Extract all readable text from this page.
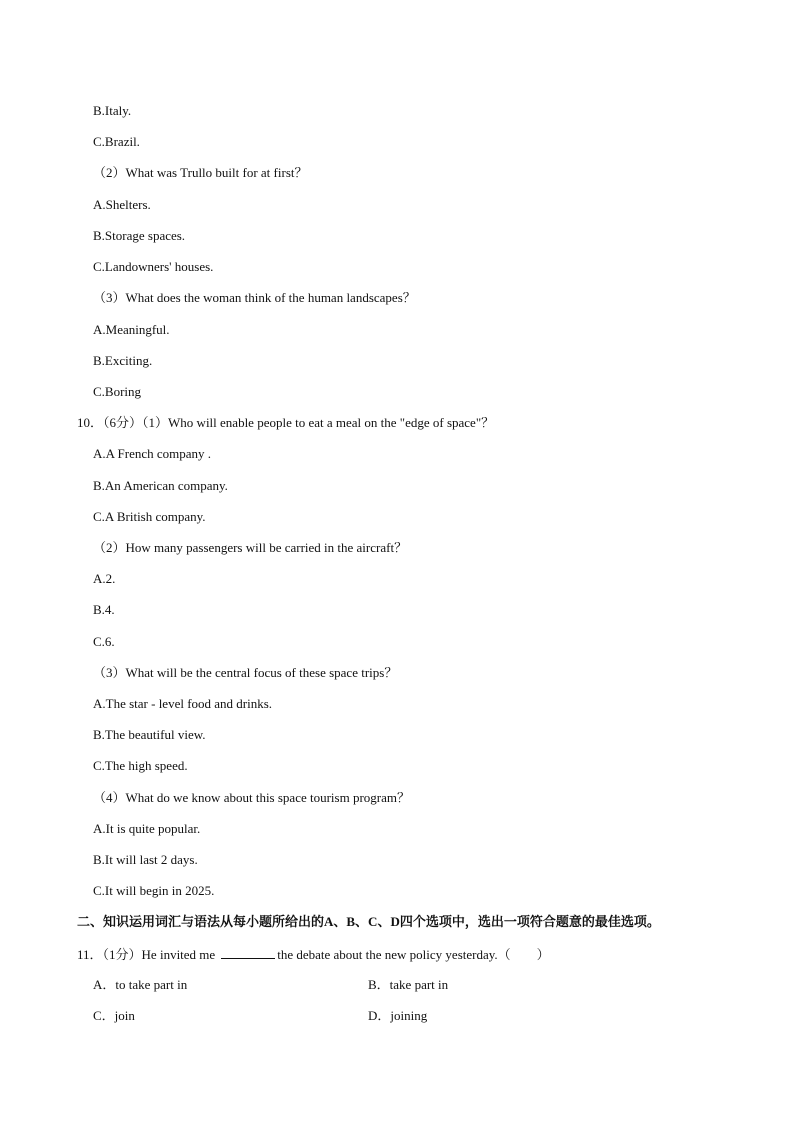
B.Italy.
C.Brazil.
（2）What was Trullo built for at first？
A.Shelters.
B.Storage spaces.
C.Landowners' houses.
（3）What does the woman think of the human landscapes？
A.Meaningful.
B.Exciting.
C.Boring
10．（6分）（1）Who will enable people to eat a meal on the "edge of space"？
A.A French company .
B.An American company.
C.A British company.
（2）How many passengers will be carried in the aircraft？
A.2.
B.4.
C.6.
（3）What will be the central focus of these space trips？
A.The star - level food and drinks.
B.The beautiful view.
C.The high speed.
（4）What do we know about this space tourism program？
A.It is quite popular.
B.It will last 2 days.
C.It will begin in 2025.
二、知识运用词汇与语法从每小题所给出的A、B、C、D四个选项中，选出一项符合题意的最佳选项。
11．（1分）He invited me	the debate about the new policy yesterday.（　　）
A．to take part in	B．take part in
C．join	D．joining
